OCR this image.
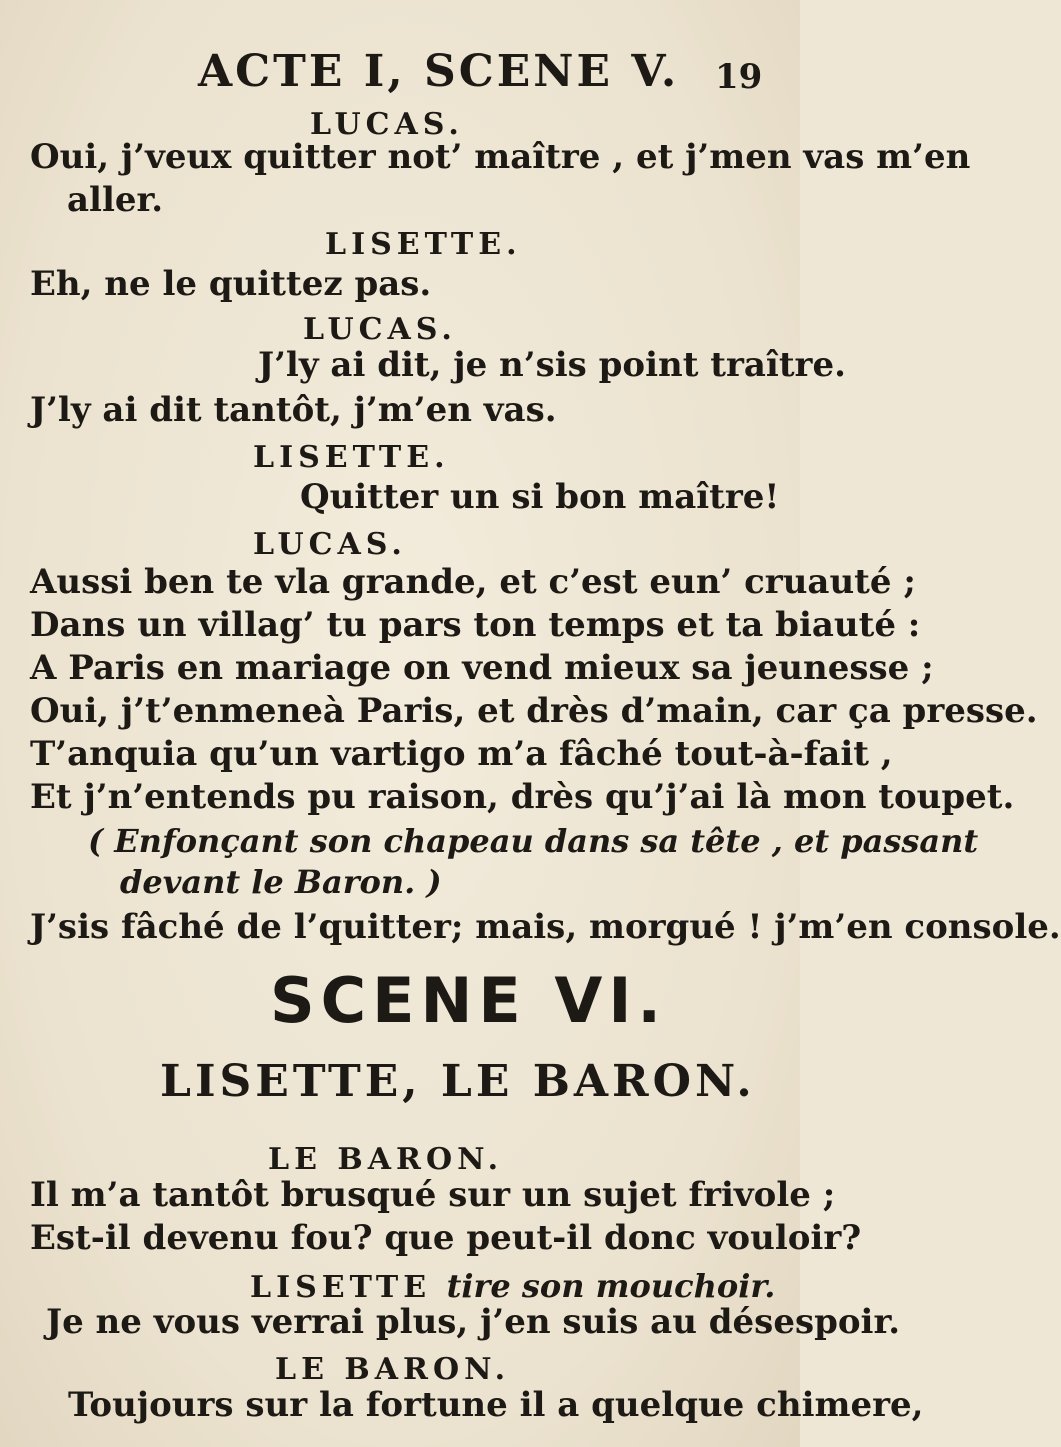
ACTE I, SCENE V. 19
LUCAS.
Oui, j’veux quitter not’ maître , et j’men vas m’en
aller.
LISETTE.
Eh, ne le quittez pas.
LUCAS.
J’ly ai dit, je n’sis point traître.
J’ly ai dit tantôt, j’m’en vas.
LISETTE.
Quitter un si bon maître!
LUCAS.
Aussi ben te vla grande, et c’est eun’ cruauté ;
Dans un villag’ tu pars ton temps et ta biauté :
A Paris en mariage on vend mieux sa jeunesse ;
Oui, j’t’enmeneà Paris, et drès d’main, car ça presse.
T’anquia qu’un vartigo m’a fâché tout-à-fait ,
Et j’n’entends pu raison, drès qu’j’ai là mon toupet.
( Enfonçant son chapeau dans sa tête , et passant
devant le Baron. )
J’sis fâché de l’quitter; mais, morgué ! j’m’en console.
SCENE VI.
LISETTE, LE BARON.
LE BARON.
Il m’a tantôt brusqué sur un sujet frivole ;
Est-il devenu fou? que peut-il donc vouloir?
LISETTE tire son mouchoir.
Je ne vous verrai plus, j’en suis au désespoir.
LE BARON.
Toujours sur la fortune il a quelque chimere,
